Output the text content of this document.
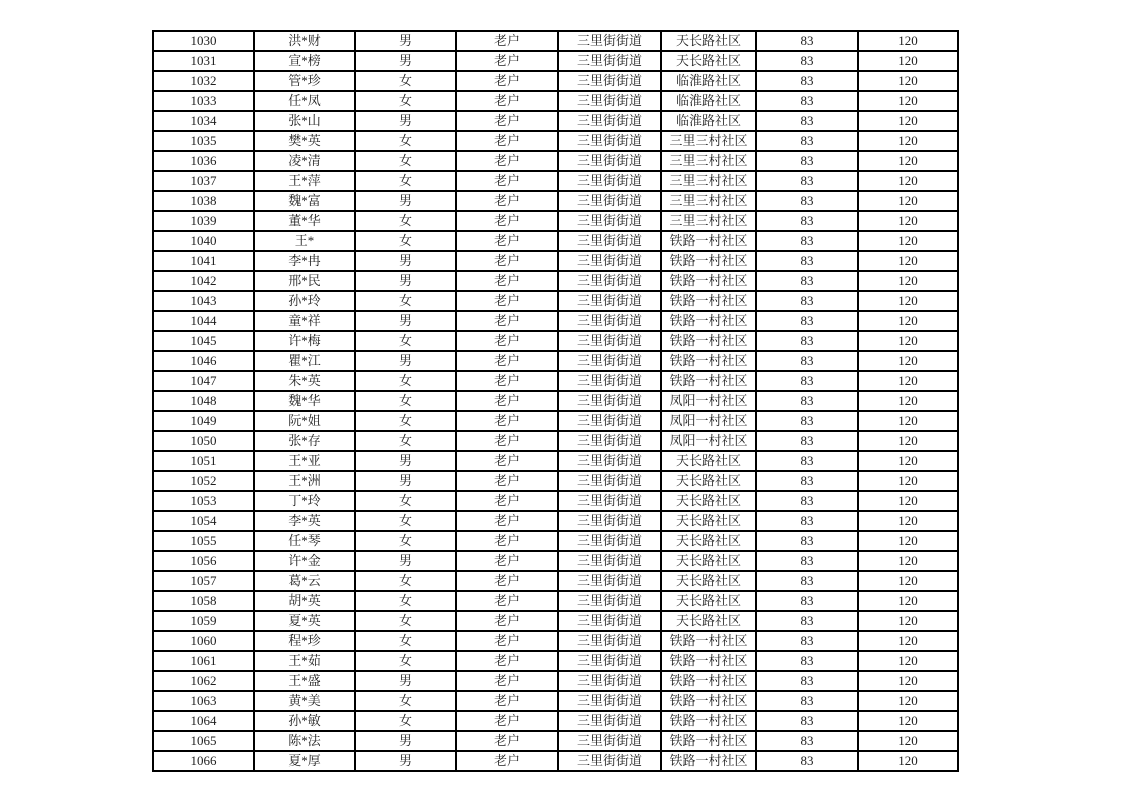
1030	洪*财	男	老户	三里街街道	天长路社区	83	120
1031	宣*榜	男	老户	三里街街道	天长路社区	83	120
1032	管*珍	女	老户	三里街街道	临淮路社区	83	120
1033	任*凤	女	老户	三里街街道	临淮路社区	83	120
1034	张*山	男	老户	三里街街道	临淮路社区	83	120
1035	樊*英	女	老户	三里街街道	三里三村社区	83	120
1036	凌*清	女	老户	三里街街道	三里三村社区	83	120
1037	王*萍	女	老户	三里街街道	三里三村社区	83	120
1038	魏*富	男	老户	三里街街道	三里三村社区	83	120
1039	董*华	女	老户	三里街街道	三里三村社区	83	120
1040	王*	女	老户	三里街街道	铁路一村社区	83	120
1041	李*冉	男	老户	三里街街道	铁路一村社区	83	120
1042	邢*民	男	老户	三里街街道	铁路一村社区	83	120
1043	孙*玲	女	老户	三里街街道	铁路一村社区	83	120
1044	童*祥	男	老户	三里街街道	铁路一村社区	83	120
1045	许*梅	女	老户	三里街街道	铁路一村社区	83	120
1046	瞿*江	男	老户	三里街街道	铁路一村社区	83	120
1047	朱*英	女	老户	三里街街道	铁路一村社区	83	120
1048	魏*华	女	老户	三里街街道	凤阳一村社区	83	120
1049	阮*姐	女	老户	三里街街道	凤阳一村社区	83	120
1050	张*存	女	老户	三里街街道	凤阳一村社区	83	120
1051	王*亚	男	老户	三里街街道	天长路社区	83	120
1052	王*洲	男	老户	三里街街道	天长路社区	83	120
1053	丁*玲	女	老户	三里街街道	天长路社区	83	120
1054	李*英	女	老户	三里街街道	天长路社区	83	120
1055	任*琴	女	老户	三里街街道	天长路社区	83	120
1056	许*金	男	老户	三里街街道	天长路社区	83	120
1057	葛*云	女	老户	三里街街道	天长路社区	83	120
1058	胡*英	女	老户	三里街街道	天长路社区	83	120
1059	夏*英	女	老户	三里街街道	天长路社区	83	120
1060	程*珍	女	老户	三里街街道	铁路一村社区	83	120
1061	王*茹	女	老户	三里街街道	铁路一村社区	83	120
1062	王*盛	男	老户	三里街街道	铁路一村社区	83	120
1063	黄*美	女	老户	三里街街道	铁路一村社区	83	120
1064	孙*敏	女	老户	三里街街道	铁路一村社区	83	120
1065	陈*法	男	老户	三里街街道	铁路一村社区	83	120
1066	夏*厚	男	老户	三里街街道	铁路一村社区	83	120
